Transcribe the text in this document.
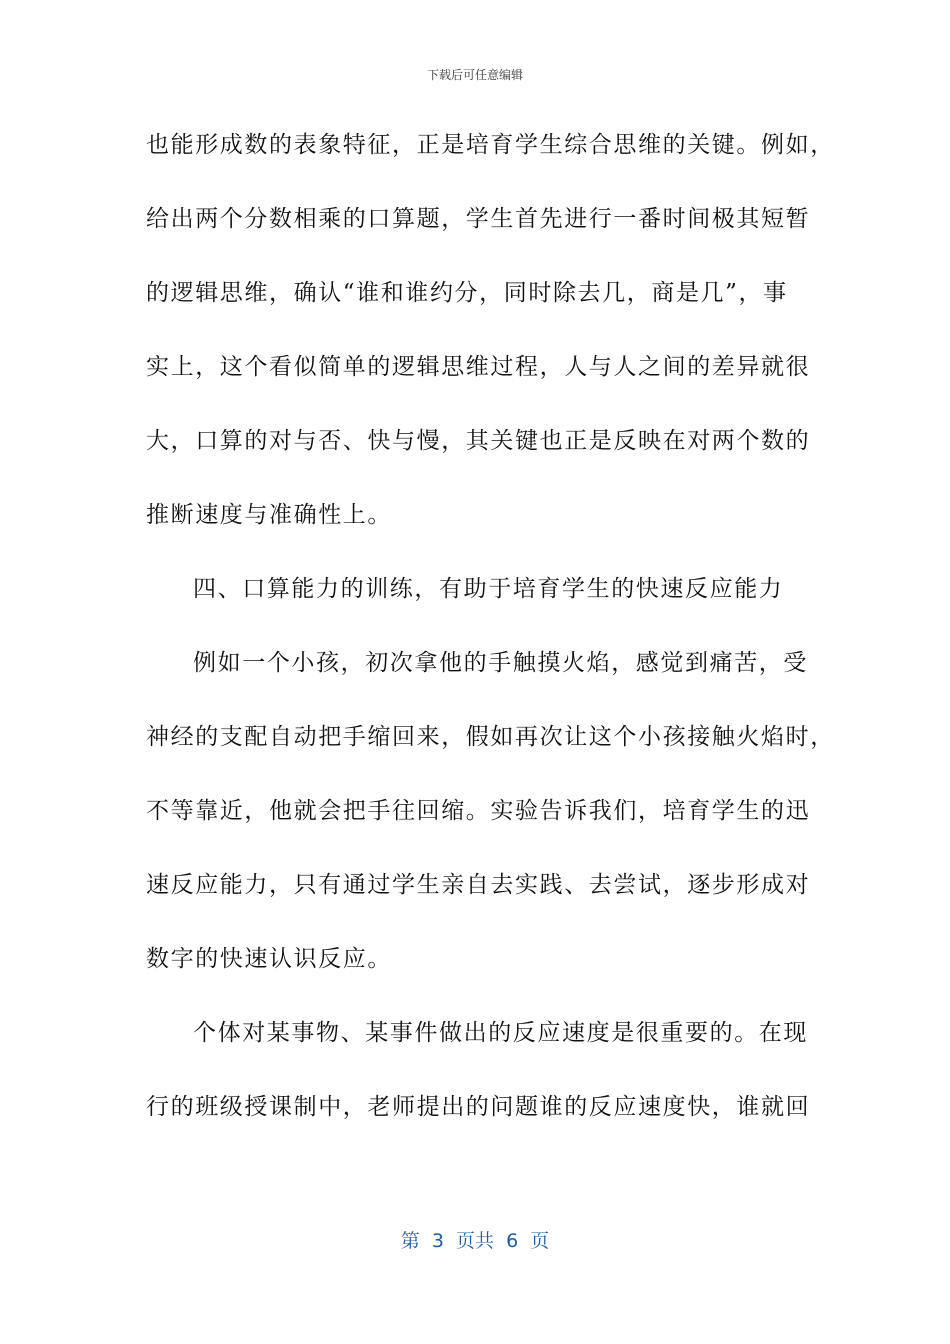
下载后可任意编辑
也能形成数的表象特征，正是培育学生综合思维的关键。例如，
给出两个分数相乘的口算题，学生首先进行一番时间极其短暂
的逻辑思维，确认“谁和谁约分，同时除去几，商是几”，事
实上，这个看似简单的逻辑思维过程，人与人之间的差异就很
大，口算的对与否、快与慢，其关键也正是反映在对两个数的
推断速度与准确性上。
四、口算能力的训练，有助于培育学生的快速反应能力
例如一个小孩，初次拿他的手触摸火焰，感觉到痛苦，受
神经的支配自动把手缩回来，假如再次让这个小孩接触火焰时，
不等靠近，他就会把手往回缩。实验告诉我们，培育学生的迅
速反应能力，只有通过学生亲自去实践、去尝试，逐步形成对
数字的快速认识反应。
个体对某事物、某事件做出的反应速度是很重要的。在现
行的班级授课制中，老师提出的问题谁的反应速度快，谁就回
第  3  页共  6  页
